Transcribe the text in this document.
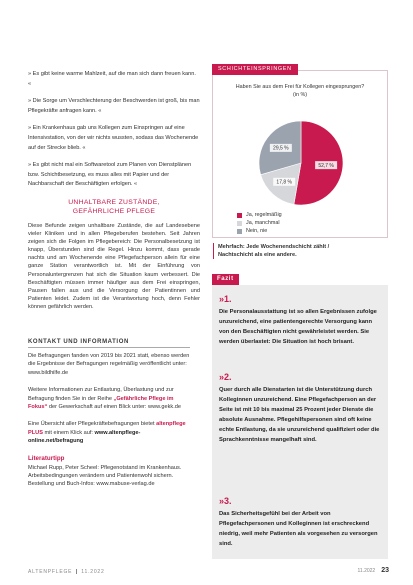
» Es gibt keine warme Mahlzeit, auf die man sich dann freuen kann. «

» Die Sorge um Verschlechterung der Beschwerden ist groß, bis man Pflegekräfte anfragen kann. «

» Ein Krankenhaus gab uns Kollegen zum Einspringen auf eine Intensivstation, von der wir nichts wussten, sodass das Wochenende auf der Strecke blieb. «

» Es gibt nicht mal ein Softwaretool zum Planen von Dienstplänen bzw. Schichtbesetzung, es muss alles mit Papier und der Nachbarschaft der Beschäftigten erfolgen. «

UNHALTBARE ZUSTÄNDE,
GEFÄHRLICHE PFLEGE

Diese Befunde zeigen unhaltbare Zustände, die auf Landesebene vieler Kliniken und in allen Pflegeberufen bestehen. Seit Jahren zeigen sich die Folgen im Pflegebereich: Die Personalbesetzung ist knapp, Überstunden sind die Regel. Hinzu kommt, dass gerade nachts und am Wochenende eine Pflegefachperson allein für eine ganze Station verantwortlich ist. Mit der Einführung von Personaluntergrenzen hat sich die Situation kaum verbessert. Die Beschäftigten müssen immer häufiger aus dem Frei einspringen, Pausen fallen aus und die Versorgung der Patientinnen und Patienten leidet. Zudem ist die Verantwortung hoch, denn Fehler können gefährlich werden.

KONTAKT UND INFORMATION

Die Befragungen fanden von 2019 bis 2021 statt, ebenso werden die Ergebnisse der Befragungen regelmäßig veröffentlicht unter: www.bildhilfe.de

Weitere Informationen zur Entlastung, Überlastung und zur Befragung finden Sie in der Reihe „Gefährliche Pflege im Fokus“ der Gewerkschaft auf einen Blick unter: www.gekk.de

Eine Übersicht aller Pflegekräftebefragungen bietet altenpflege PLUS mit einem Klick auf: www.altenpflege-online.net/befragung

Literaturtipp

Michael Rupp, Peter Scheel: Pflegenotstand im Krankenhaus. Arbeitsbedingungen verändern und Patientenwohl sichern. Bestellung und Buch-Infos: www.mabuse-verlag.de

Haben Sie aus dem Frei für Kollegen eingesprungen?
(in %)
52,7 %
17,8 %
29,5 %
Ja, regelmäßig
Ja, manchmal
Nein, nie
SCHICHTEINSPRINGEN
Mehrfach: Jede Wochenendschicht zählt /
Nachtschicht als eine andere.
»1.
Die Personalausstattung ist so allen Ergebnissen zufolge unzureichend, eine patientengerechte Versorgung kann von den Beschäftigten nicht gewährleistet werden. Sie werden überlastet: Die Situation ist hoch brisant.
»2.
Quer durch alle Dienstarten ist die Unterstützung durch Kolleginnen unzureichend. Eine Pflegefachperson an der Seite ist mit 10 bis maximal 25 Prozent jeder Dienste die absolute Ausnahme. Pflegehilfspersonen sind oft keine echte Entlastung, da sie unzureichend qualifiziert oder die Sprachkenntnisse mangelhaft sind.
»3.
Das Sicherheitsgefühl bei der Arbeit von Pflegefachpersonen und Kolleginnen ist erschreckend niedrig, weil mehr Patienten als vorgesehen zu versorgen sind.
Fazit
ALTENPFLEGE 11.2022	11.2022 23
